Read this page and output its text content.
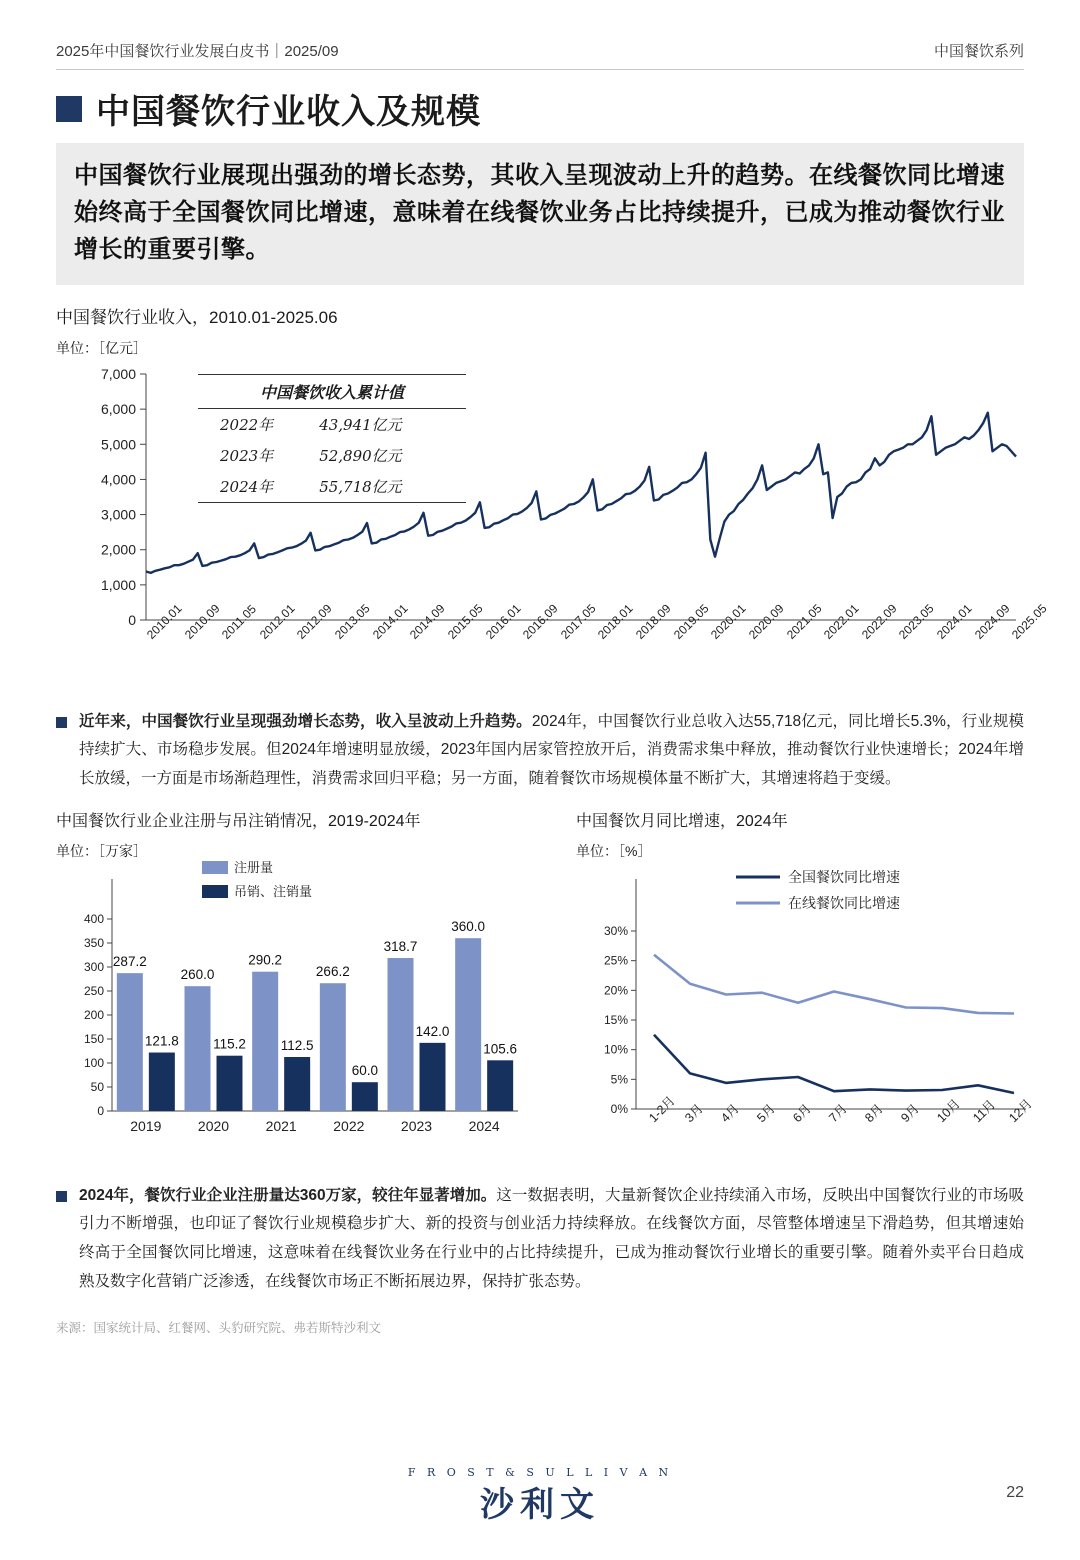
2025年中国餐饮行业发展白皮书｜2025/09	中国餐饮系列
中国餐饮行业收入及规模
中国餐饮行业展现出强劲的增长态势，其收入呈现波动上升的趋势。在线餐饮同比增速始终高于全国餐饮同比增速，意味着在线餐饮业务占比持续提升，已成为推动餐饮行业增长的重要引擎。
中国餐饮行业收入，2010.01-2025.06
单位：［亿元］
0
1,000
2,000
3,000
4,000
5,000
6,000
7,000
2010.01
2010.09
2011.05
2012.01
2012.09
2013.05
2014.01
2014.09
2015.05
2016.01
2016.09
2017.05
2018.01
2018.09
2019.05
2020.01
2020.09
2021.05
2022.01
2022.09
2023.05
2024.01
2024.09
2025.05
中国餐饮收入累计值
2022年	43,941亿元
2023年	52,890亿元
2024年	55,718亿元

近年来，中国餐饮行业呈现强劲增长态势，收入呈波动上升趋势。2024年，中国餐饮行业总收入达55,718亿元，同比增长5.3%，行业规模持续扩大、市场稳步发展。但2024年增速明显放缓，2023年国内居家管控放开后，消费需求集中释放，推动餐饮行业快速增长；2024年增长放缓，一方面是市场渐趋理性，消费需求回归平稳；另一方面，随着餐饮市场规模体量不断扩大，其增速将趋于变缓。

中国餐饮行业企业注册与吊注销情况，2019-2024年
单位：［万家］
0
50
100
150
200
250
300
350
400
注册量
吊销、注销量
287.2
121.8
2019
260.0
115.2
2020
290.2
112.5
2021
266.2
60.0
2022
318.7
142.0
2023
360.0
105.6
2024
中国餐饮月同比增速，2024年
单位：［%］
0%
5%
10%
15%
20%
25%
30%
全国餐饮同比增速
在线餐饮同比增速
1-2月 3月 4月 5月 6月 7月 8月 9月 10月 11月 12月

2024年，餐饮行业企业注册量达360万家，较往年显著增加。这一数据表明，大量新餐饮企业持续涌入市场，反映出中国餐饮行业的市场吸引力不断增强，也印证了餐饮行业规模稳步扩大、新的投资与创业活力持续释放。在线餐饮方面，尽管整体增速呈下滑趋势，但其增速始终高于全国餐饮同比增速，这意味着在线餐饮业务在行业中的占比持续提升，已成为推动餐饮行业增长的重要引擎。随着外卖平台日趋成熟及数字化营销广泛渗透，在线餐饮市场正不断拓展边界，保持扩张态势。

来源：国家统计局、红餐网、头豹研究院、弗若斯特沙利文
F R O S T & S U L L I V A N
沙利文	22
